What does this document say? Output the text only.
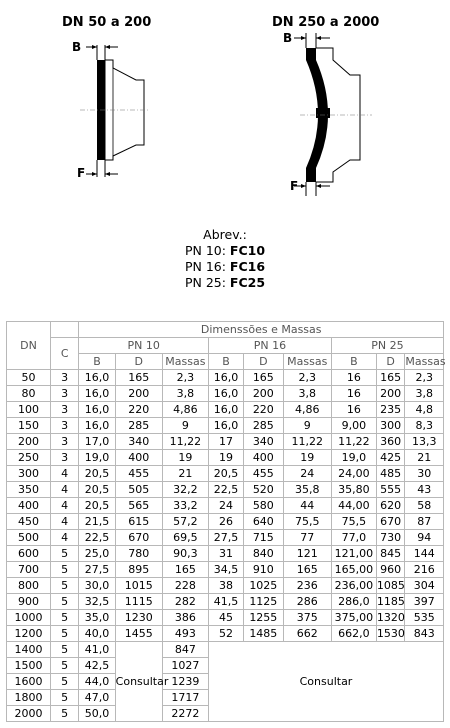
DN 50 a 200	DN 250 a 2000
B
F
B
F
Abrev.:
PN 10: FC10
PN 16: FC16
PN 25: FC25
DN		Dimenssões e Massas								
	C	PN 10			PN 16			PN 25		
		B	D	Massas	B	D	Massas	B	D	Massas
50	3	16,0	165	2,3	16,0	165	2,3	16	165	2,3
80	3	16,0	200	3,8	16,0	200	3,8	16	200	3,8
100	3	16,0	220	4,86	16,0	220	4,86	16	235	4,8
150	3	16,0	285	9	16,0	285	9	9,00	300	8,3
200	3	17,0	340	11,22	17	340	11,22	11,22	360	13,3
250	3	19,0	400	19	19	400	19	19,0	425	21
300	4	20,5	455	21	20,5	455	24	24,00	485	30
350	4	20,5	505	32,2	22,5	520	35,8	35,80	555	43
400	4	20,5	565	33,2	24	580	44	44,00	620	58
450	4	21,5	615	57,2	26	640	75,5	75,5	670	87
500	4	22,5	670	69,5	27,5	715	77	77,0	730	94
600	5	25,0	780	90,3	31	840	121	121,00	845	144
700	5	27,5	895	165	34,5	910	165	165,00	960	216
800	5	30,0	1015	228	38	1025	236	236,00	1085	304
900	5	32,5	1115	282	41,5	1125	286	286,0	1185	397
1000	5	35,0	1230	386	45	1255	375	375,00	1320	535
1200	5	40,0	1455	493	52	1485	662	662,0	1530	843
1400	5	41,0	Consultar	847	Consultar					
1500	5	42,5		1027						
1600	5	44,0		1239						
1800	5	47,0		1717						
2000	5	50,0		2272						
